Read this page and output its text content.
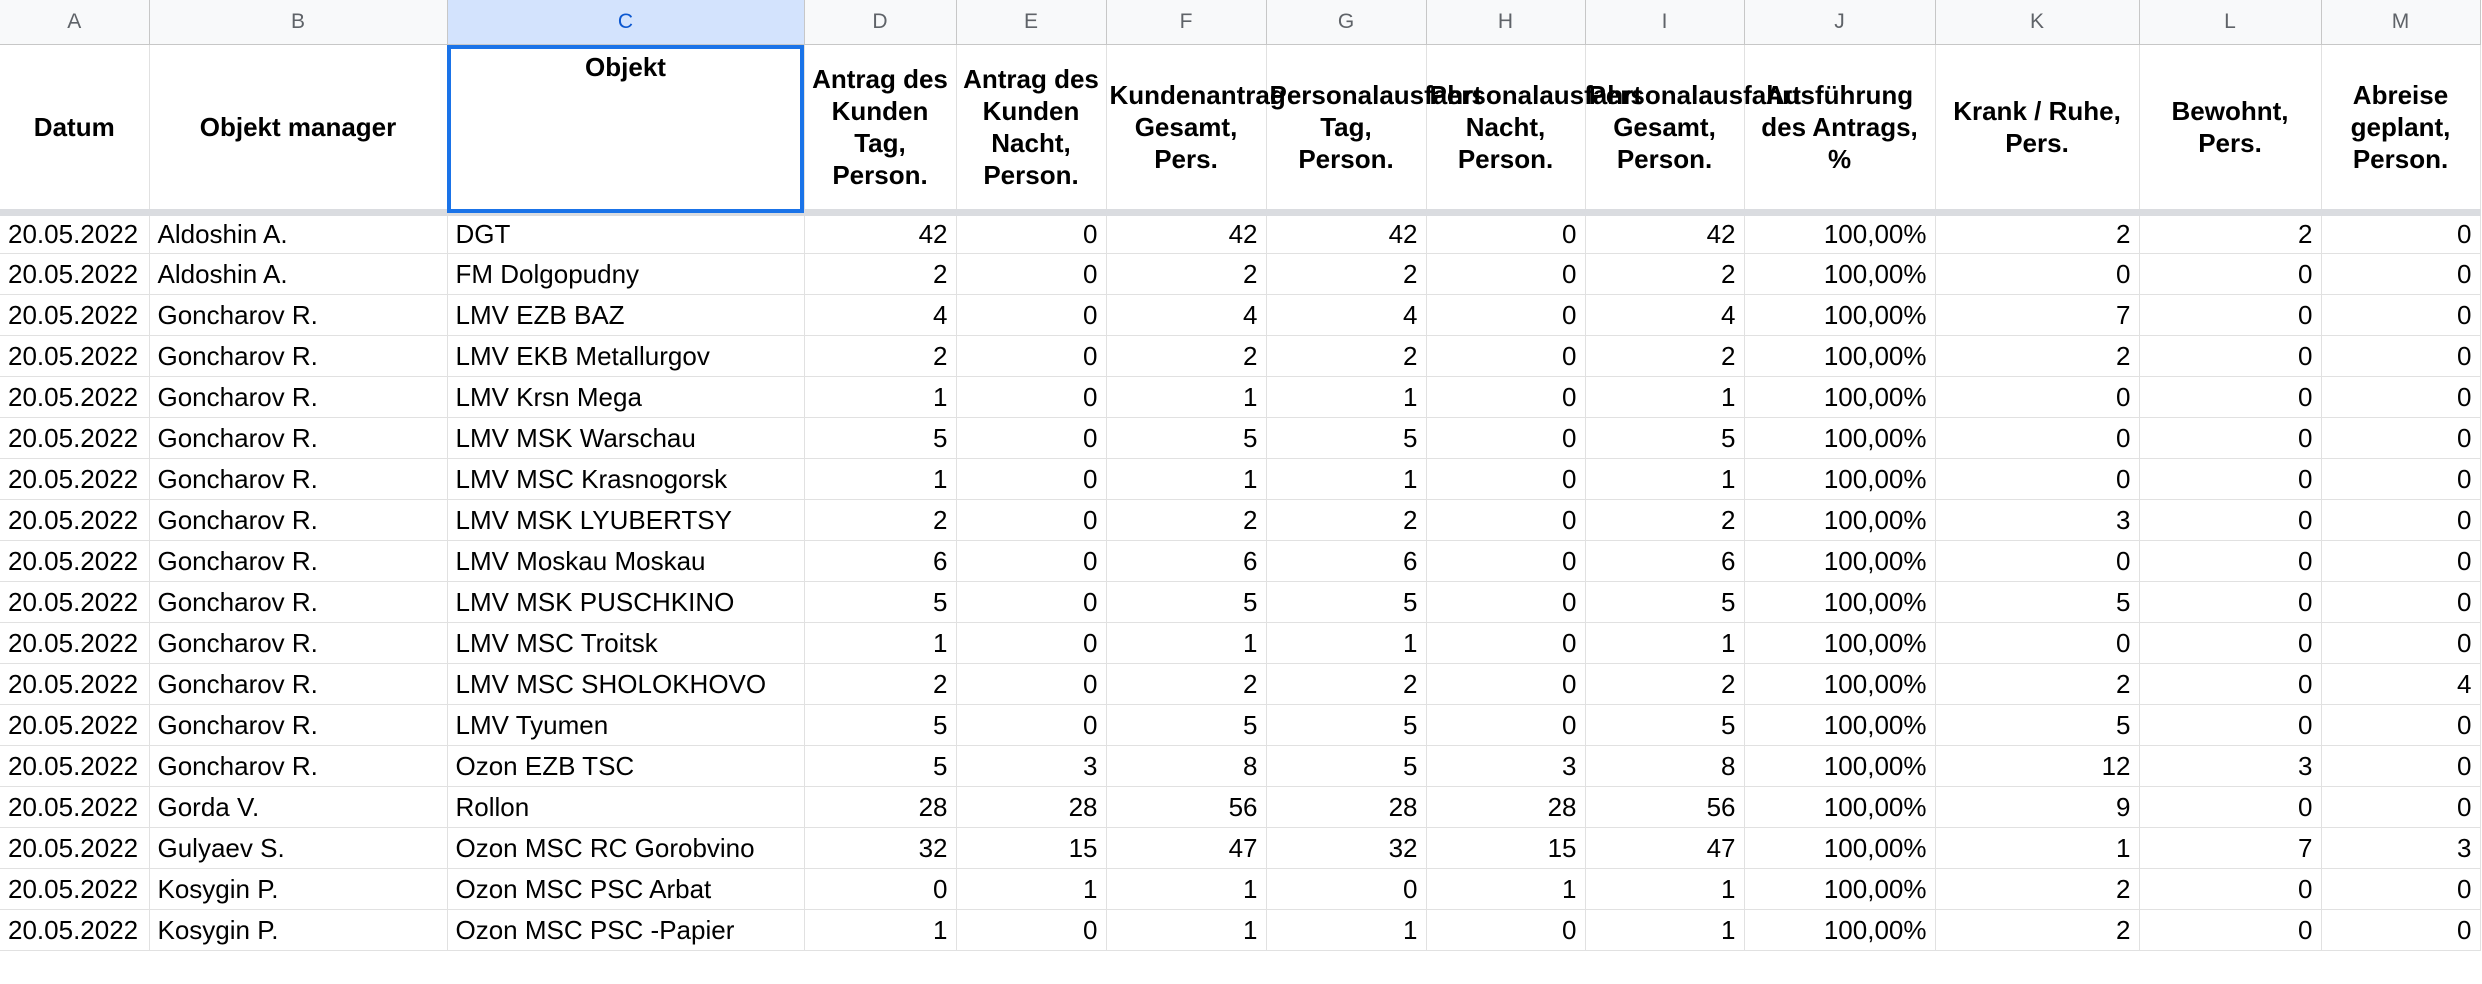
A	B	C	D	E	F	G	H	I	J	K	L	M
Datum	Objekt manager	Objekt	Antrag des Kunden Tag, Person.	Antrag des Kunden Nacht, Person.	Kundenantrag Gesamt, Pers.	Personalausfahrt Tag, Person.	Personalausfahrt Nacht, Person.	Personalausfahrt Gesamt, Person.	Ausführung des Antrags, %	Krank / Ruhe, Pers.	Bewohnt, Pers.	Abreise geplant, Person.
20.05.2022	Aldoshin A.	DGT	42	0	42	42	0	42	100,00%	2	2	0
20.05.2022	Aldoshin A.	FM Dolgopudny	2	0	2	2	0	2	100,00%	0	0	0
20.05.2022	Goncharov R.	LMV EZB BAZ	4	0	4	4	0	4	100,00%	7	0	0
20.05.2022	Goncharov R.	LMV EKB Metallurgov	2	0	2	2	0	2	100,00%	2	0	0
20.05.2022	Goncharov R.	LMV Krsn Mega	1	0	1	1	0	1	100,00%	0	0	0
20.05.2022	Goncharov R.	LMV MSK Warschau	5	0	5	5	0	5	100,00%	0	0	0
20.05.2022	Goncharov R.	LMV MSC Krasnogorsk	1	0	1	1	0	1	100,00%	0	0	0
20.05.2022	Goncharov R.	LMV MSK LYUBERTSY	2	0	2	2	0	2	100,00%	3	0	0
20.05.2022	Goncharov R.	LMV Moskau Moskau	6	0	6	6	0	6	100,00%	0	0	0
20.05.2022	Goncharov R.	LMV MSK PUSCHKINO	5	0	5	5	0	5	100,00%	5	0	0
20.05.2022	Goncharov R.	LMV MSC Troitsk	1	0	1	1	0	1	100,00%	0	0	0
20.05.2022	Goncharov R.	LMV MSC SHOLOKHOVO	2	0	2	2	0	2	100,00%	2	0	4
20.05.2022	Goncharov R.	LMV Tyumen	5	0	5	5	0	5	100,00%	5	0	0
20.05.2022	Goncharov R.	Ozon EZB TSC	5	3	8	5	3	8	100,00%	12	3	0
20.05.2022	Gorda V.	Rollon	28	28	56	28	28	56	100,00%	9	0	0
20.05.2022	Gulyaev S.	Ozon MSC RC Gorobvino	32	15	47	32	15	47	100,00%	1	7	3
20.05.2022	Kosygin P.	Ozon MSC PSC Arbat	0	1	1	0	1	1	100,00%	2	0	0
20.05.2022	Kosygin P.	Ozon MSC PSC -Papier	1	0	1	1	0	1	100,00%	2	0	0
